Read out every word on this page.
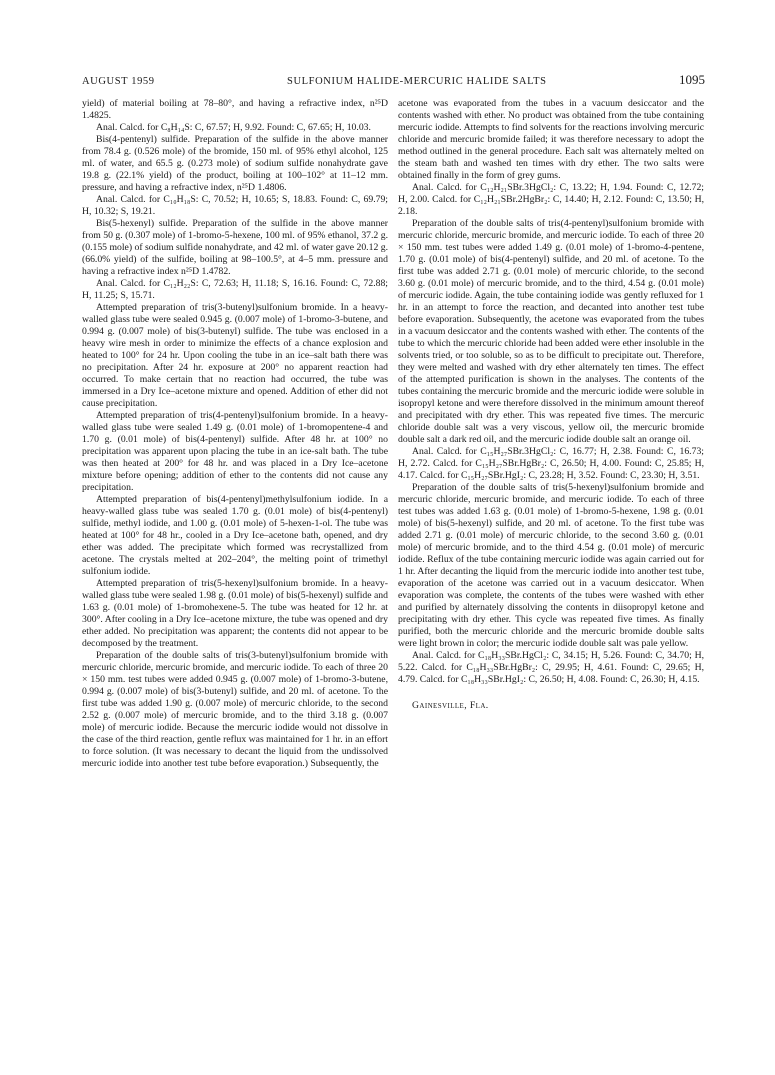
AUGUST 1959	SULFONIUM HALIDE-MERCURIC HALIDE SALTS	1095

yield) of material boiling at 78–80°, and having a refractive index, n²⁵D 1.4825.

Anal. Calcd. for C₈H₁₄S: C, 67.57; H, 9.92. Found: C, 67.65; H, 10.03.

Bis(4-pentenyl) sulfide. Preparation of the sulfide in the above manner from 78.4 g. (0.526 mole) of the bromide, 150 ml. of 95% ethyl alcohol, 125 ml. of water, and 65.5 g. (0.273 mole) of sodium sulfide nonahydrate gave 19.8 g. (22.1% yield) of the product, boiling at 100–102° at 11–12 mm. pressure, and having a refractive index, n²⁵D 1.4806.

Anal. Calcd. for C₁₀H₁₈S: C, 70.52; H, 10.65; S, 18.83. Found: C, 69.79; H, 10.32; S, 19.21.

Bis(5-hexenyl) sulfide. Preparation of the sulfide in the above manner from 50 g. (0.307 mole) of 1-bromo-5-hexene, 100 ml. of 95% ethanol, 37.2 g. (0.155 mole) of sodium sulfide nonahydrate, and 42 ml. of water gave 20.12 g. (66.0% yield) of the sulfide, boiling at 98–100.5°, at 4–5 mm. pressure and having a refractive index n²⁵D 1.4782.

Anal. Calcd. for C₁₂H₂₂S: C, 72.63; H, 11.18; S, 16.16. Found: C, 72.88; H, 11.25; S, 15.71.

Attempted preparation of tris(3-butenyl)sulfonium bromide. In a heavy-walled glass tube were sealed 0.945 g. (0.007 mole) of 1-bromo-3-butene, and 0.994 g. (0.007 mole) of bis(3-butenyl) sulfide. The tube was enclosed in a heavy wire mesh in order to minimize the effects of a chance explosion and heated to 100° for 24 hr. Upon cooling the tube in an ice–salt bath there was no precipitation. After 24 hr. exposure at 200° no apparent reaction had occurred. To make certain that no reaction had occurred, the tube was immersed in a Dry Ice–acetone mixture and opened. Addition of ether did not cause precipitation.

Attempted preparation of tris(4-pentenyl)sulfonium bromide. In a heavy-walled glass tube were sealed 1.49 g. (0.01 mole) of 1-bromopentene-4 and 1.70 g. (0.01 mole) of bis(4-pentenyl) sulfide. After 48 hr. at 100° no precipitation was apparent upon placing the tube in an ice-salt bath. The tube was then heated at 200° for 48 hr. and was placed in a Dry Ice–acetone mixture before opening; addition of ether to the contents did not cause any precipitation.

Attempted preparation of bis(4-pentenyl)methylsulfonium iodide. In a heavy-walled glass tube was sealed 1.70 g. (0.01 mole) of bis(4-pentenyl) sulfide, methyl iodide, and 1.00 g. (0.01 mole) of 5-hexen-1-ol. The tube was heated at 100° for 48 hr., cooled in a Dry Ice–acetone bath, opened, and dry ether was added. The precipitate which formed was recrystallized from acetone. The crystals melted at 202–204°, the melting point of trimethyl sulfonium iodide.

Attempted preparation of tris(5-hexenyl)sulfonium bromide. In a heavy-walled glass tube were sealed 1.98 g. (0.01 mole) of bis(5-hexenyl) sulfide and 1.63 g. (0.01 mole) of 1-bromohexene-5. The tube was heated for 12 hr. at 300°. After cooling in a Dry Ice–acetone mixture, the tube was opened and dry ether added. No precipitation was apparent; the contents did not appear to be decomposed by the treatment.

Preparation of the double salts of tris(3-butenyl)sulfonium bromide with mercuric chloride, mercuric bromide, and mercuric iodide. To each of three 20 × 150 mm. test tubes were added 0.945 g. (0.007 mole) of 1-bromo-3-butene, 0.994 g. (0.007 mole) of bis(3-butenyl) sulfide, and 20 ml. of acetone. To the first tube was added 1.90 g. (0.007 mole) of mercuric chloride, to the second 2.52 g. (0.007 mole) of mercuric bromide, and to the third 3.18 g. (0.007 mole) of mercuric iodide. Because the mercuric iodide would not dissolve in the case of the third reaction, gentle reflux was maintained for 1 hr. in an effort to force solution. (It was necessary to decant the liquid from the undissolved mercuric iodide into another test tube before evaporation.) Subsequently, the

acetone was evaporated from the tubes in a vacuum desiccator and the contents washed with ether. No product was obtained from the tube containing mercuric iodide. Attempts to find solvents for the reactions involving mercuric chloride and mercuric bromide failed; it was therefore necessary to adopt the method outlined in the general procedure. Each salt was alternately melted on the steam bath and washed ten times with dry ether. The two salts were obtained finally in the form of grey gums.

Anal. Calcd. for C₁₂H₂₁SBr.3HgCl₂: C, 13.22; H, 1.94. Found: C, 12.72; H, 2.00. Calcd. for C₁₂H₂₁SBr.2HgBr₂: C, 14.40; H, 2.12. Found: C, 13.50; H, 2.18.

Preparation of the double salts of tris(4-pentenyl)sulfonium bromide with mercuric chloride, mercuric bromide, and mercuric iodide. To each of three 20 × 150 mm. test tubes were added 1.49 g. (0.01 mole) of 1-bromo-4-pentene, 1.70 g. (0.01 mole) of bis(4-pentenyl) sulfide, and 20 ml. of acetone. To the first tube was added 2.71 g. (0.01 mole) of mercuric chloride, to the second 3.60 g. (0.01 mole) of mercuric bromide, and to the third, 4.54 g. (0.01 mole) of mercuric iodide. Again, the tube containing iodide was gently refluxed for 1 hr. in an attempt to force the reaction, and decanted into another test tube before evaporation. Subsequently, the acetone was evaporated from the tubes in a vacuum desiccator and the contents washed with ether. The contents of the tube to which the mercuric chloride had been added were ether insoluble in the solvents tried, or too soluble, so as to be difficult to precipitate out. Therefore, they were melted and washed with dry ether alternately ten times. The effect of the attempted purification is shown in the analyses. The contents of the tubes containing the mercuric bromide and the mercuric iodide were soluble in isopropyl ketone and were therefore dissolved in the minimum amount thereof and precipitated with dry ether. This was repeated five times. The mercuric chloride double salt was a very viscous, yellow oil, the mercuric bromide double salt a dark red oil, and the mercuric iodide double salt an orange oil.

Anal. Calcd. for C₁₅H₂₇SBr.3HgCl₂: C, 16.77; H, 2.38. Found: C, 16.73; H, 2.72. Calcd. for C₁₅H₂₇SBr.HgBr₂: C, 26.50; H, 4.00. Found: C, 25.85; H, 4.17. Calcd. for C₁₅H₂₇SBr.HgI₂: C, 23.28; H, 3.52. Found: C, 23.30; H, 3.51.

Preparation of the double salts of tris(5-hexenyl)sulfonium bromide and mercuric chloride, mercuric bromide, and mercuric iodide. To each of three test tubes was added 1.63 g. (0.01 mole) of 1-bromo-5-hexene, 1.98 g. (0.01 mole) of bis(5-hexenyl) sulfide, and 20 ml. of acetone. To the first tube was added 2.71 g. (0.01 mole) of mercuric chloride, to the second 3.60 g. (0.01 mole) of mercuric bromide, and to the third 4.54 g. (0.01 mole) of mercuric iodide. Reflux of the tube containing mercuric iodide was again carried out for 1 hr. After decanting the liquid from the mercuric iodide into another test tube, evaporation of the acetone was carried out in a vacuum desiccator. When evaporation was complete, the contents of the tubes were washed with ether and purified by alternately dissolving the contents in diisopropyl ketone and precipitating with dry ether. This cycle was repeated five times. As finally purified, both the mercuric chloride and the mercuric bromide double salts were light brown in color; the mercuric iodide double salt was pale yellow.

Anal. Calcd. for C₁₈H₃₃SBr.HgCl₂: C, 34.15; H, 5.26. Found: C, 34.70; H, 5.22. Calcd. for C₁₈H₃₃SBr.HgBr₂: C, 29.95; H, 4.61. Found: C, 29.65; H, 4.79. Calcd. for C₁₈H₃₃SBr.HgI₂: C, 26.50; H, 4.08. Found: C, 26.30; H, 4.15.

Gainesville, Fla.
